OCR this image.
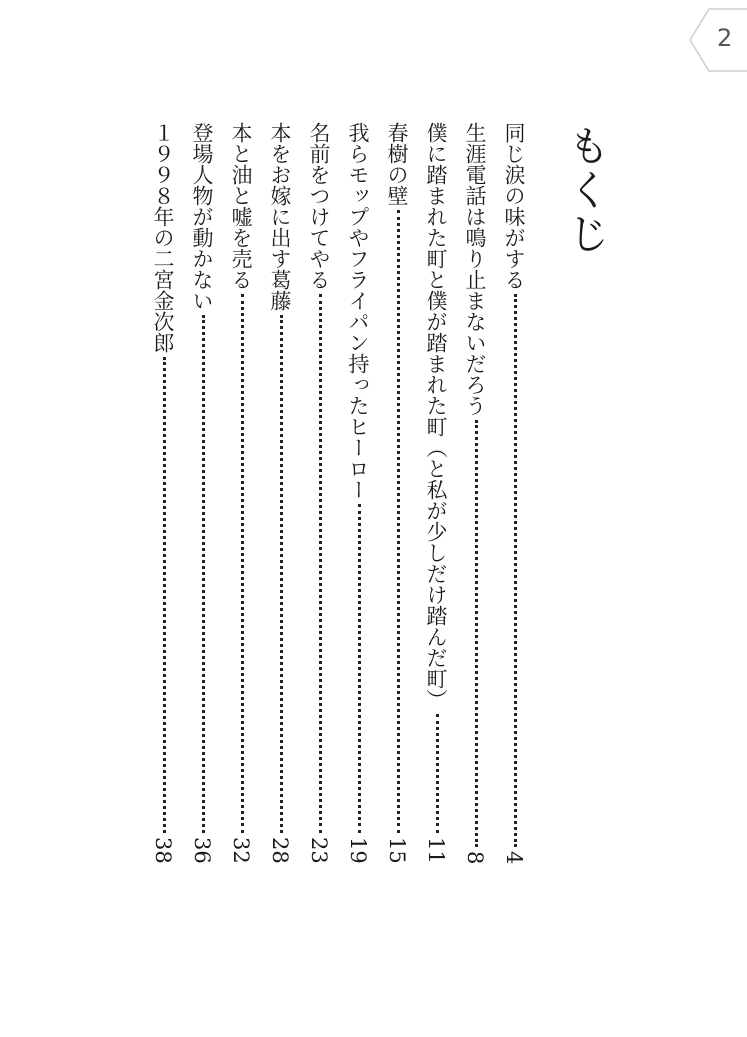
2
もくじ
同じ涙の味がする
4
生涯電話は鳴り止まないだろう
8
僕に踏まれた町と僕が踏まれた町（と私が少しだけ踏んだ町）
11
春樹の壁
15
我らモップやフライパン持ったヒーロー
19
名前をつけてやる
23
本をお嫁に出す葛藤
28
本と油と嘘を売る
32
登場人物が動かない
36
１９９８年の二宮金次郎
38
